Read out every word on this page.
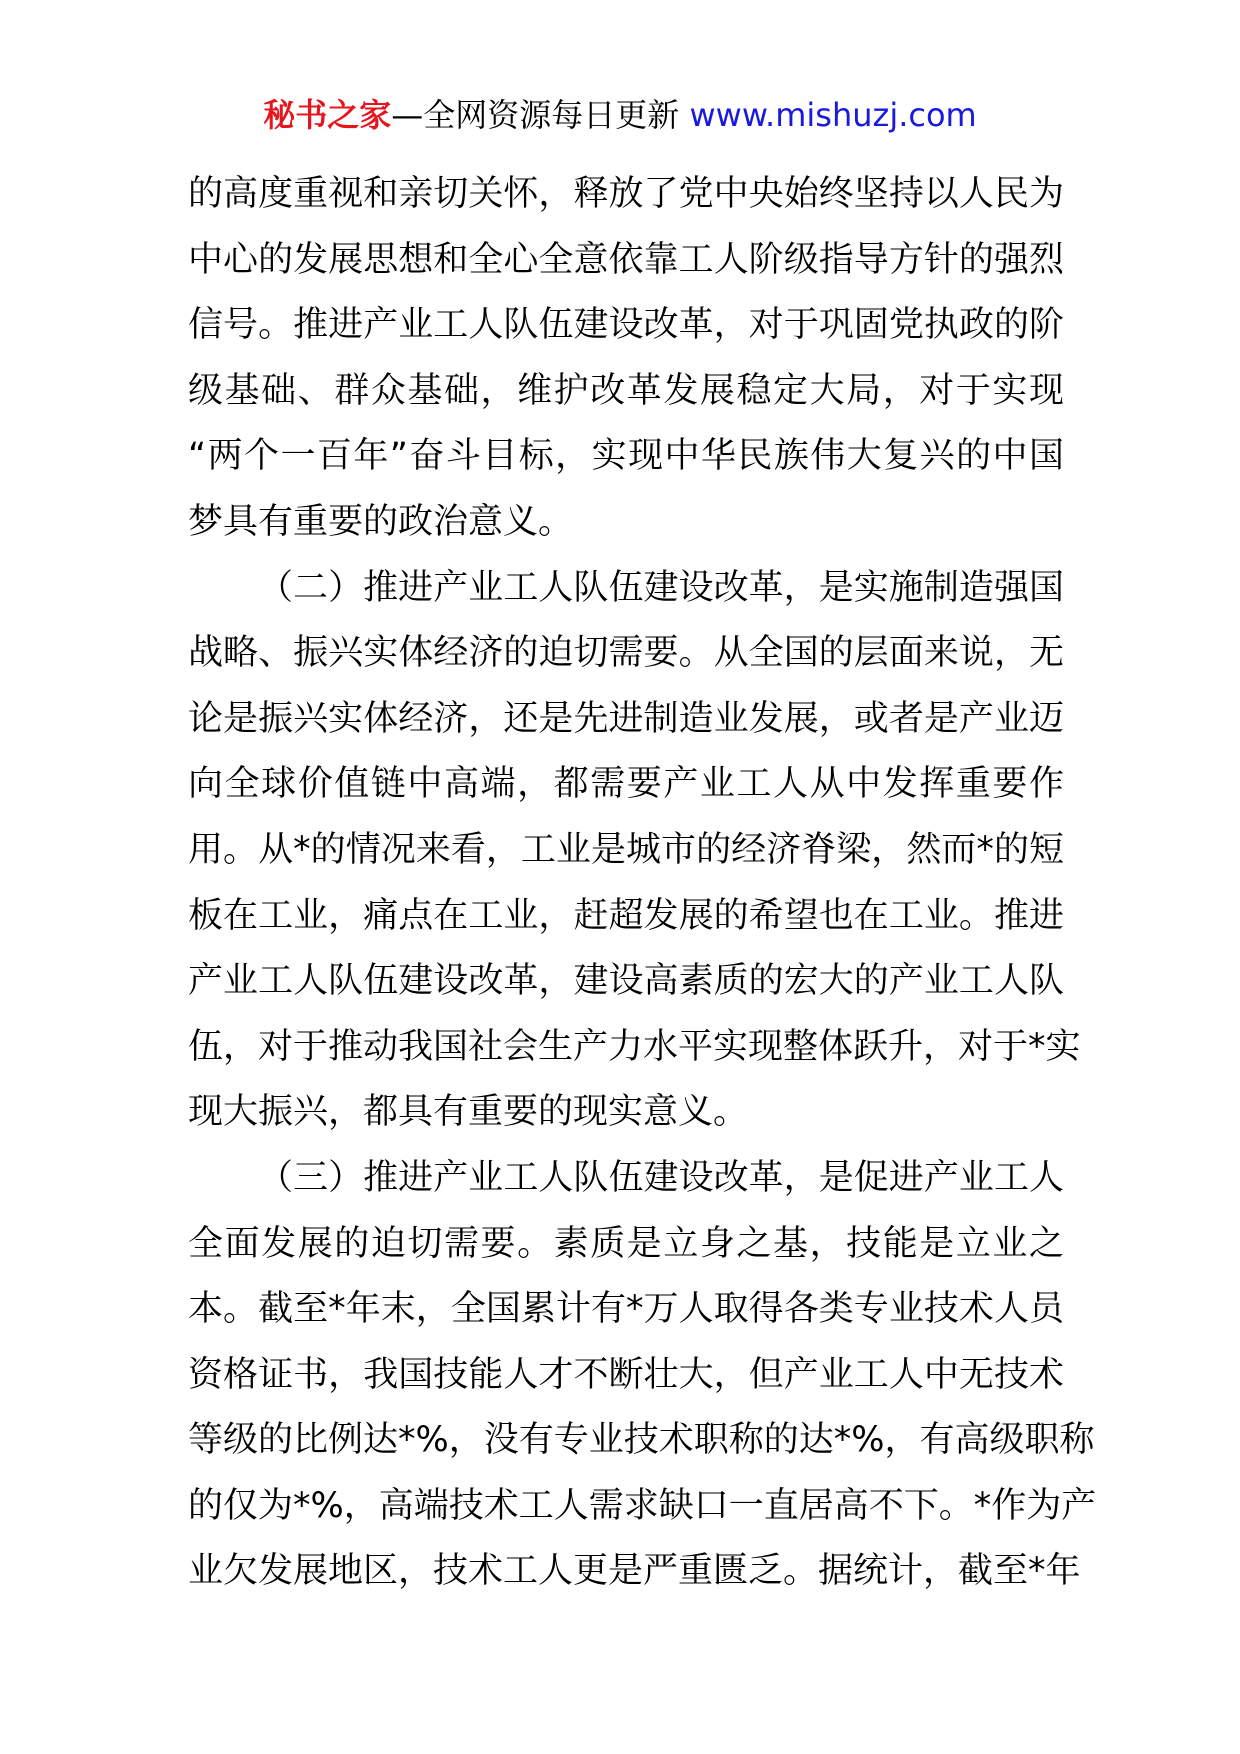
秘书之家—全网资源每日更新 www.mishuzj.com
的高度重视和亲切关怀，释放了党中央始终坚持以人民为
中心的发展思想和全心全意依靠工人阶级指导方针的强烈
信号。推进产业工人队伍建设改革，对于巩固党执政的阶
级基础、群众基础，维护改革发展稳定大局，对于实现
“两个一百年”奋斗目标，实现中华民族伟大复兴的中国
梦具有重要的政治意义。
（二）推进产业工人队伍建设改革，是实施制造强国
战略、振兴实体经济的迫切需要。从全国的层面来说，无
论是振兴实体经济，还是先进制造业发展，或者是产业迈
向全球价值链中高端，都需要产业工人从中发挥重要作
用。从*的情况来看，工业是城市的经济脊梁，然而*的短
板在工业，痛点在工业，赶超发展的希望也在工业。推进
产业工人队伍建设改革，建设高素质的宏大的产业工人队
伍，对于推动我国社会生产力水平实现整体跃升，对于*实
现大振兴，都具有重要的现实意义。
（三）推进产业工人队伍建设改革，是促进产业工人
全面发展的迫切需要。素质是立身之基，技能是立业之
本。截至*年末，全国累计有*万人取得各类专业技术人员
资格证书，我国技能人才不断壮大，但产业工人中无技术
等级的比例达*%，没有专业技术职称的达*%，有高级职称
的仅为*%，高端技术工人需求缺口一直居高不下。*作为产
业欠发展地区，技术工人更是严重匮乏。据统计，截至*年
